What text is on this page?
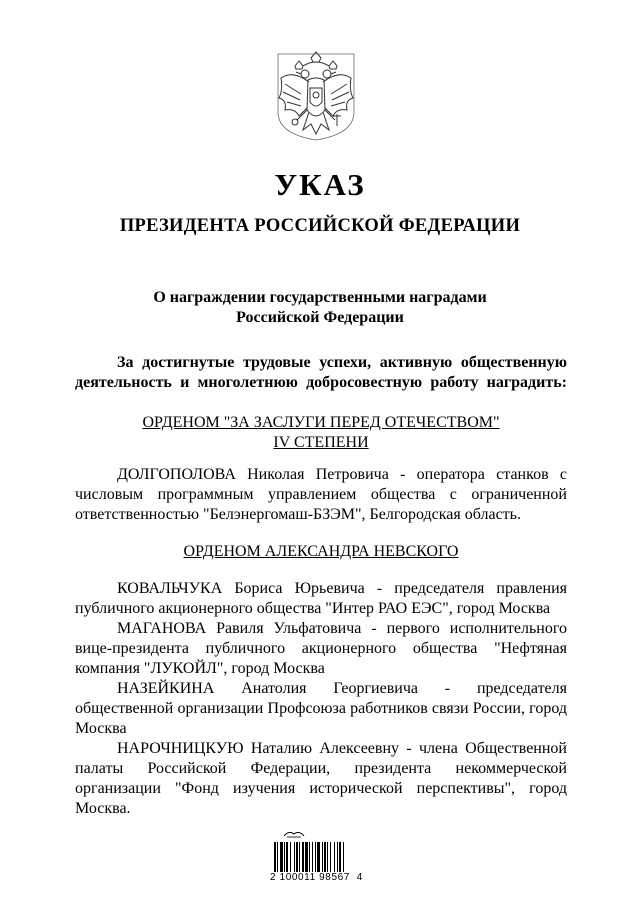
УКАЗ
ПРЕЗИДЕНТА РОССИЙСКОЙ ФЕДЕРАЦИИ
О награждении государственными наградами
Российской Федерации

За достигнутые трудовые успехи, активную общественную деятельность и многолетнюю добросовестную работу наградить:

ОРДЕНОМ "ЗА ЗАСЛУГИ ПЕРЕД ОТЕЧЕСТВОМ"
IV СТЕПЕНИ

ДОЛГОПОЛОВА Николая Петровича - оператора станков с числовым программным управлением общества с ограниченной ответственностью "Белэнергомаш-БЗЭМ", Белгородская область.

ОРДЕНОМ АЛЕКСАНДРА НЕВСКОГО

КОВАЛЬЧУКА Бориса Юрьевича - председателя правления публичного акционерного общества "Интер РАО ЕЭС", город Москва

МАГАНОВА Равиля Ульфатовича - первого исполнительного вице-президента публичного акционерного общества "Нефтяная компания "ЛУКОЙЛ", город Москва

НАЗЕЙКИНА Анатолия Георгиевича - председателя общественной организации Профсоюза работников связи России, город Москва

НАРОЧНИЦКУЮ Наталию Алексеевну - члена Общественной палаты Российской Федерации, президента некоммерческой организации "Фонд изучения исторической перспективы", город Москва.

2 100011 98567  4
